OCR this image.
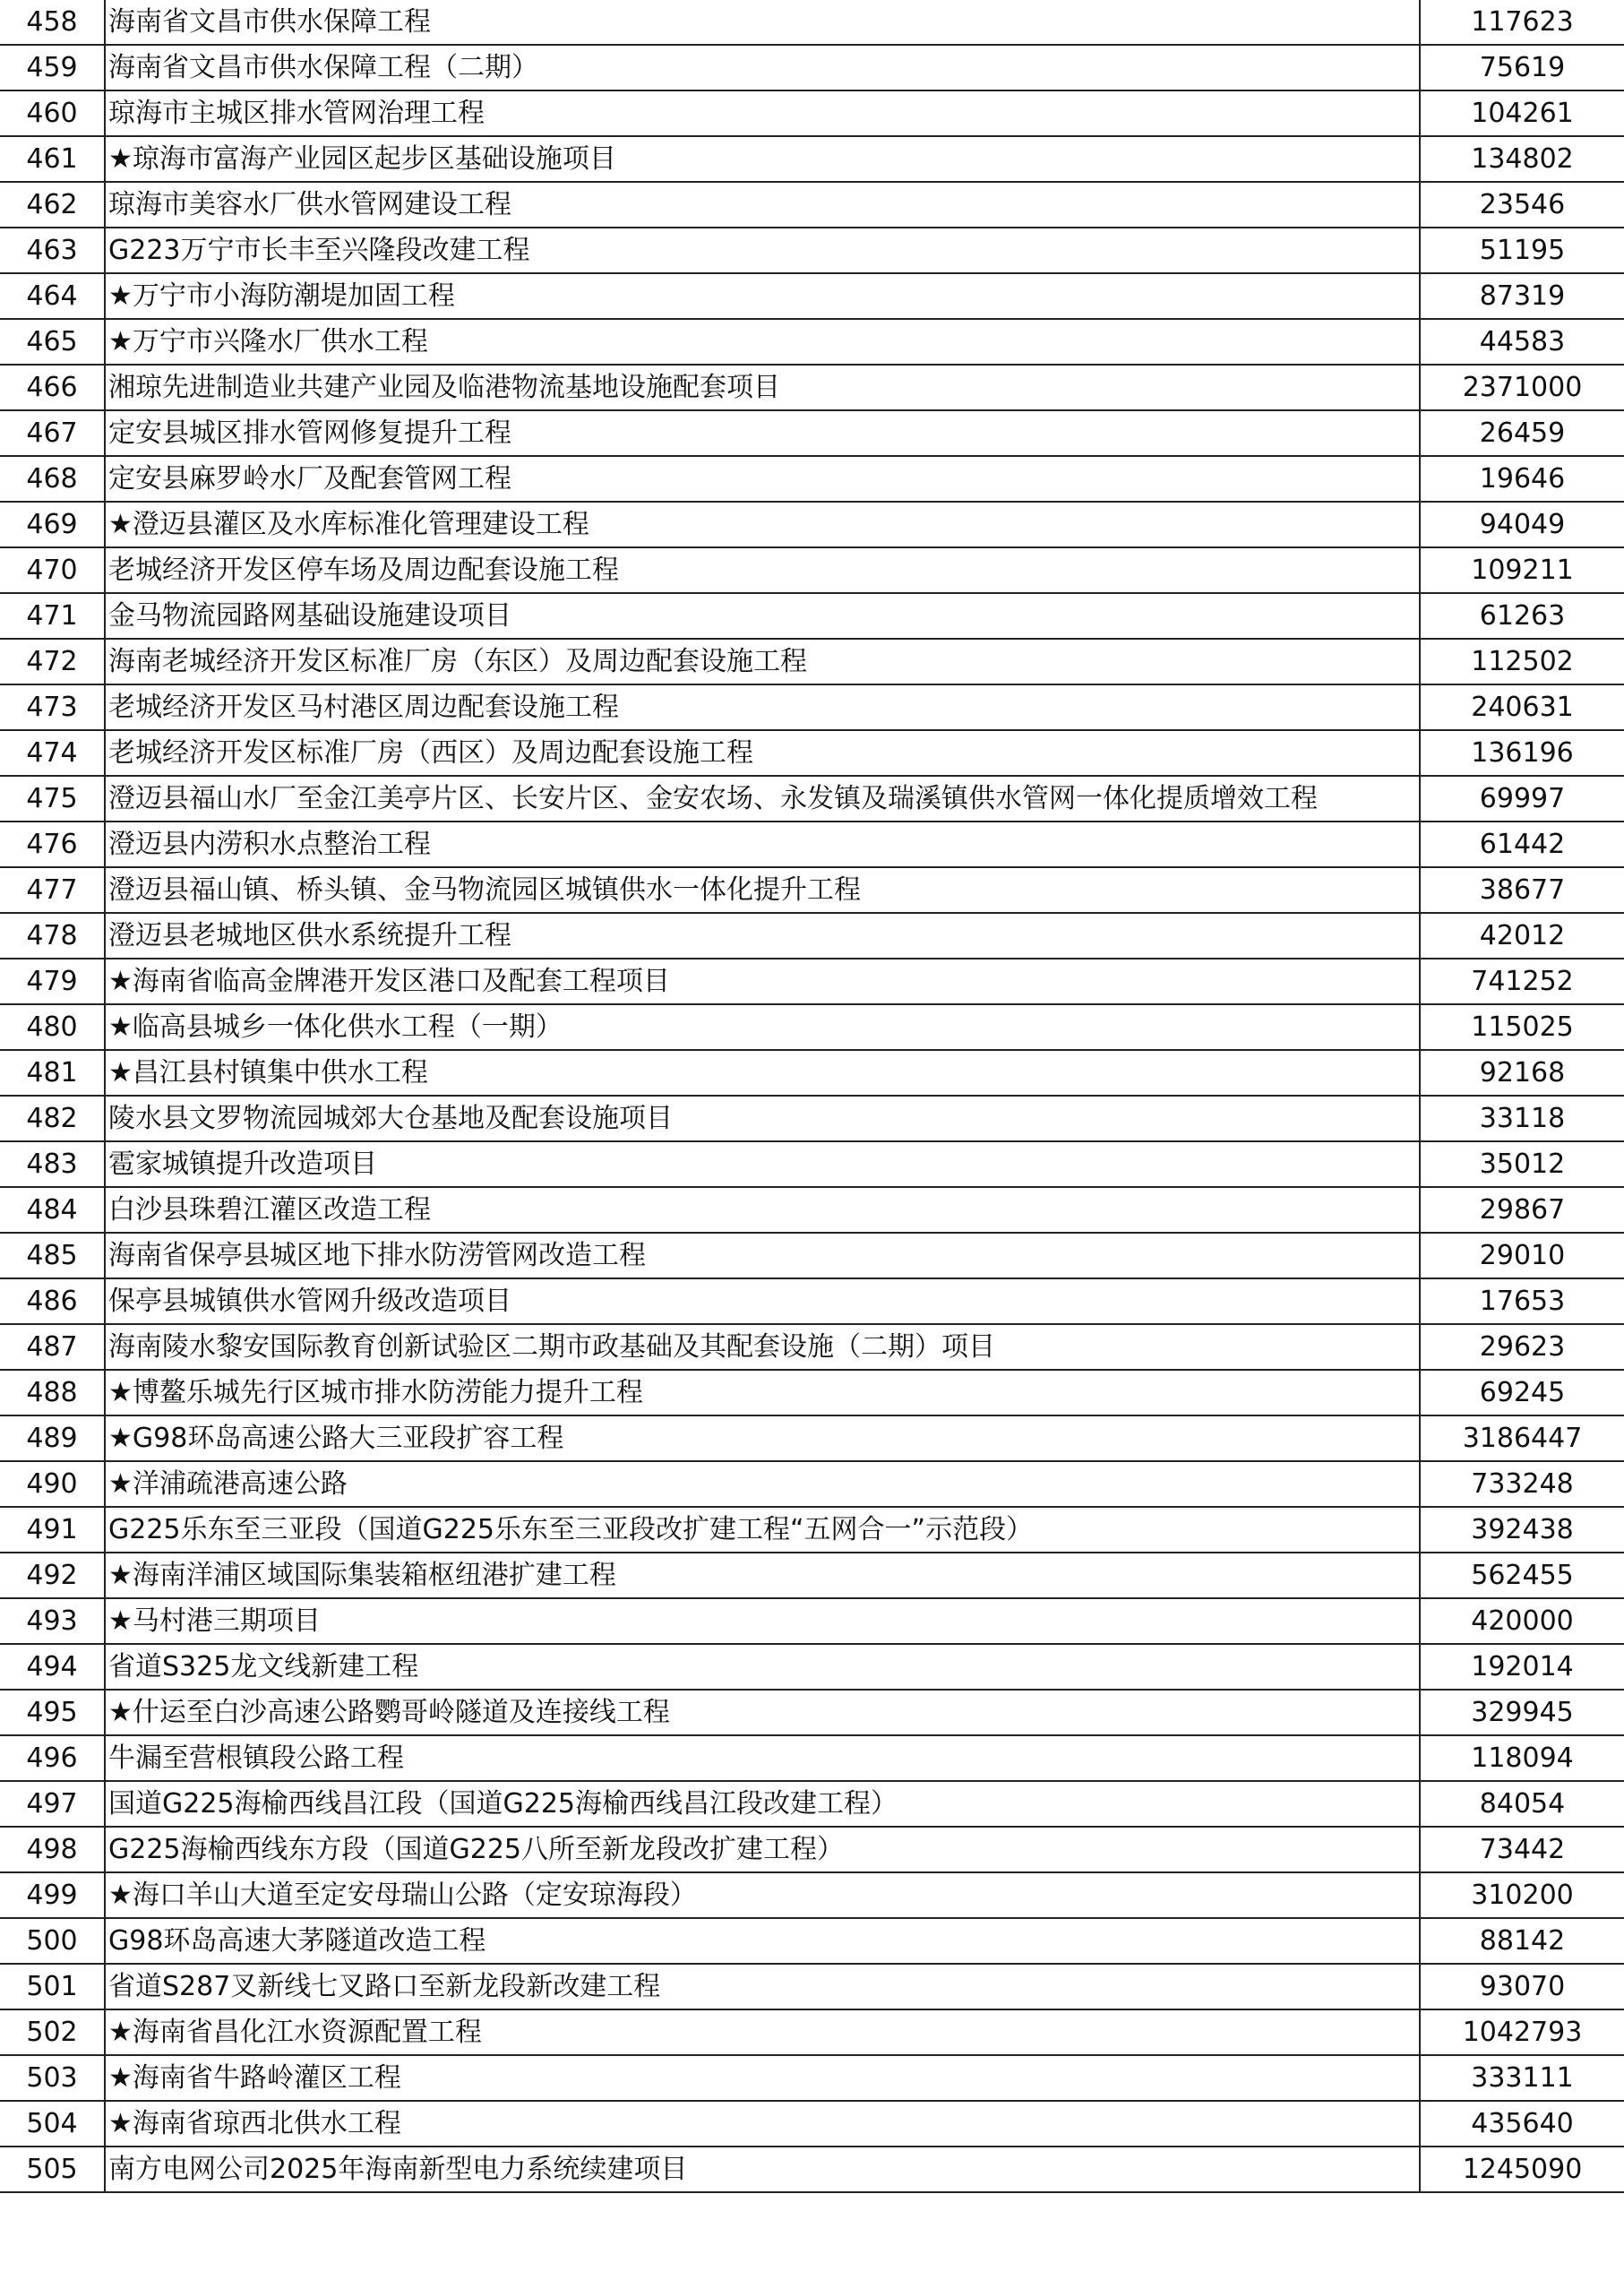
458	海南省文昌市供水保障工程	117623
459	海南省文昌市供水保障工程（二期）	75619
460	琼海市主城区排水管网治理工程	104261
461	★琼海市富海产业园区起步区基础设施项目	134802
462	琼海市美容水厂供水管网建设工程	23546
463	G223万宁市长丰至兴隆段改建工程	51195
464	★万宁市小海防潮堤加固工程	87319
465	★万宁市兴隆水厂供水工程	44583
466	湘琼先进制造业共建产业园及临港物流基地设施配套项目	2371000
467	定安县城区排水管网修复提升工程	26459
468	定安县麻罗岭水厂及配套管网工程	19646
469	★澄迈县灌区及水库标准化管理建设工程	94049
470	老城经济开发区停车场及周边配套设施工程	109211
471	金马物流园路网基础设施建设项目	61263
472	海南老城经济开发区标准厂房（东区）及周边配套设施工程	112502
473	老城经济开发区马村港区周边配套设施工程	240631
474	老城经济开发区标准厂房（西区）及周边配套设施工程	136196
475	澄迈县福山水厂至金江美亭片区、长安片区、金安农场、永发镇及瑞溪镇供水管网一体化提质增效工程	69997
476	澄迈县内涝积水点整治工程	61442
477	澄迈县福山镇、桥头镇、金马物流园区城镇供水一体化提升工程	38677
478	澄迈县老城地区供水系统提升工程	42012
479	★海南省临高金牌港开发区港口及配套工程项目	741252
480	★临高县城乡一体化供水工程（一期）	115025
481	★昌江县村镇集中供水工程	92168
482	陵水县文罗物流园城郊大仓基地及配套设施项目	33118
483	雹家城镇提升改造项目	35012
484	白沙县珠碧江灌区改造工程	29867
485	海南省保亭县城区地下排水防涝管网改造工程	29010
486	保亭县城镇供水管网升级改造项目	17653
487	海南陵水黎安国际教育创新试验区二期市政基础及其配套设施（二期）项目	29623
488	★博鳌乐城先行区城市排水防涝能力提升工程	69245
489	★G98环岛高速公路大三亚段扩容工程	3186447
490	★洋浦疏港高速公路	733248
491	G225乐东至三亚段（国道G225乐东至三亚段改扩建工程“五网合一”示范段）	392438
492	★海南洋浦区域国际集装箱枢纽港扩建工程	562455
493	★马村港三期项目	420000
494	省道S325龙文线新建工程	192014
495	★什运至白沙高速公路鹦哥岭隧道及连接线工程	329945
496	牛漏至营根镇段公路工程	118094
497	国道G225海榆西线昌江段（国道G225海榆西线昌江段改建工程）	84054
498	G225海榆西线东方段（国道G225八所至新龙段改扩建工程）	73442
499	★海口羊山大道至定安母瑞山公路（定安琼海段）	310200
500	G98环岛高速大茅隧道改造工程	88142
501	省道S287叉新线七叉路口至新龙段新改建工程	93070
502	★海南省昌化江水资源配置工程	1042793
503	★海南省牛路岭灌区工程	333111
504	★海南省琼西北供水工程	435640
505	南方电网公司2025年海南新型电力系统续建项目	1245090
